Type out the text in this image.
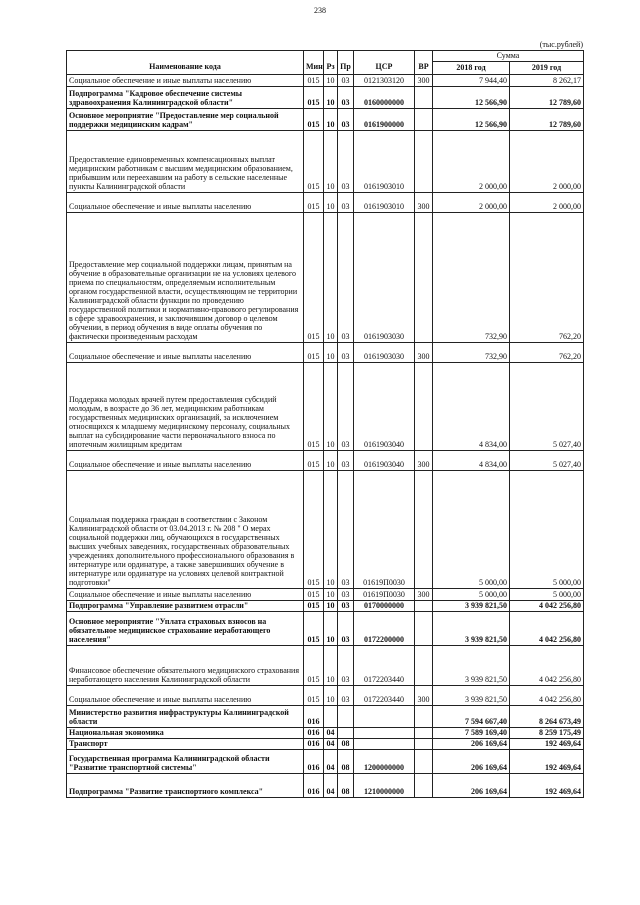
238
(тыс.рублей)
						Сумма	
Наименование кода	Мин	Рз	Пр	ЦСР	ВР	2018 год	2019 год
Социальное обеспечение и иные выплаты населению	015	10	03	0121303120	300	7 944,40	8 262,17
Подпрограмма "Кадровое обеспечение системы здравоохранения Калининградской области"	015	10	03	0160000000		12 566,90	12 789,60
Основное мероприятие "Предоставление мер социальной поддержки медицинским кадрам"	015	10	03	0161900000		12 566,90	12 789,60
Предоставление единовременных компенсационных выплат медицинским работникам с высшим медицинским образованием, прибывшим или переехавшим на работу в сельские населенные пункты Калининградской области	015	10	03	0161903010		2 000,00	2 000,00
Социальное обеспечение и иные выплаты населению	015	10	03	0161903010	300	2 000,00	2 000,00
Предоставление мер социальной поддержки лицам, принятым на обучение в образовательные организации не на условиях целевого приема по специальностям, определяемым исполнительным органом государственной власти, осуществляющим не территории Калининградской области функции по проведению государственной политики и нормативно-правового регулирования в сфере здравоохранения, и заключившим договор о целевом обучении, в период обучения в виде оплаты обучения по фактически произведенным расходам	015	10	03	0161903030		732,90	762,20
Социальное обеспечение и иные выплаты населению	015	10	03	0161903030	300	732,90	762,20
Поддержка молодых врачей путем предоставления субсидий молодым, в возрасте до 36 лет, медицинским работникам государственных медицинских организаций, за исключением относящихся к младшему медицинскому персоналу, социальных выплат на субсидирование части первоначального взноса по ипотечным жилищным кредитам	015	10	03	0161903040		4 834,00	5 027,40
Социальное обеспечение и иные выплаты населению	015	10	03	0161903040	300	4 834,00	5 027,40
Социальная поддержка граждан в соответствии с Законом Калининградской области от 03.04.2013 г. № 208 " О мерах социальной поддержки лиц, обучающихся в государственных высших учебных заведениях, государственных образовательных учреждениях дополнительного профессионального образования в интернатуре или ординатуре, а также завершивших обучение в интернатуре или ординатуре на условиях целевой контрактной подготовки"	015	10	03	01619П0030		5 000,00	5 000,00
Социальное обеспечение и иные выплаты населению	015	10	03	01619П0030	300	5 000,00	5 000,00
Подпрограмма "Управление развитием отрасли"	015	10	03	0170000000		3 939 821,50	4 042 256,80
Основное мероприятие "Уплата страховых взносов на обязательное медицинское страхование неработающего населения"	015	10	03	0172200000		3 939 821,50	4 042 256,80
Финансовое обеспечение обязательного медицинского страхования неработающего населения Калининградской области	015	10	03	0172203440		3 939 821,50	4 042 256,80
Социальное обеспечение и иные выплаты населению	015	10	03	0172203440	300	3 939 821,50	4 042 256,80
Министерство развития инфраструктуры Калининградской области	016					7 594 667,40	8 264 673,49
Национальная экономика	016	04				7 589 169,40	8 259 175,49
Транспорт	016	04	08			206 169,64	192 469,64
Государственная программа Калининградской области "Развитие транспортной системы"	016	04	08	1200000000		206 169,64	192 469,64
Подпрограмма "Развитие транспортного комплекса"	016	04	08	1210000000		206 169,64	192 469,64
